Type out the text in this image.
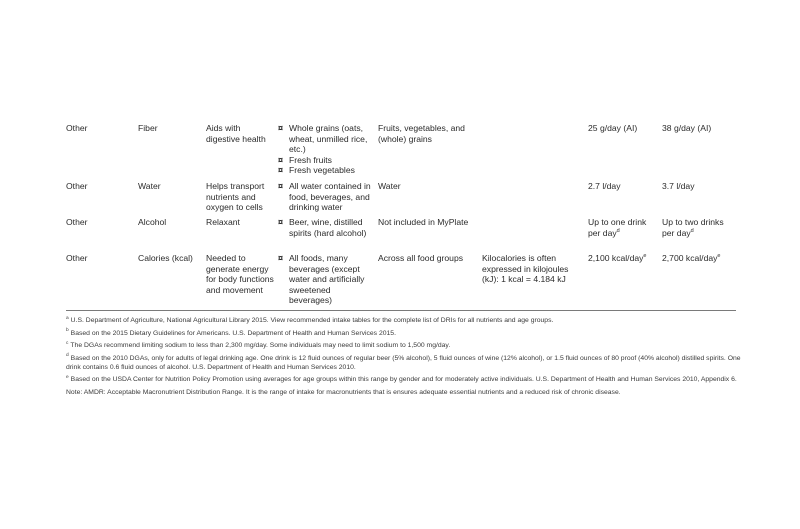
Other	Fiber	Aids with digestive health
¤ Whole grains (oats, wheat, unmilled rice, etc.)
¤ Fresh fruits
¤ Fresh vegetables
Fruits, vegetables, and (whole) grains
25 g/day (AI)	38 g/day (AI)
Other	Water	Helps transport nutrients and oxygen to cells
¤ All water contained in food, beverages, and drinking water
Water	2.7 l/day	3.7 l/day
Other	Alcohol	Relaxant
¤	Beer, wine, distilled spirits (hard alcohol)
Not included in MyPlate	Up to one drink per day$^d$
Up to two drinks per day$^d$
Other	Calories (kcal)	Needed to generate energy for body functions and movement
¤ All foods, many beverages (except water and artificially sweetened beverages)
Across all food groups	Kilocalories is often expressed in kilojoules (kJ): 1 kcal = 4.184 kJ
2,100 kcal/day$^e$	2,700 kcal/day$^e$
$^a$ U.S. Department of Agriculture, National Agricultural Library 2015. View recommended intake tables for the complete list of DRIs for all nutrients and age groups.
$^b$ Based on the 2015 Dietary Guidelines for Americans. U.S. Department of Health and Human Services 2015.
$^c$ The DGAs recommend limiting sodium to less than 2,300 mg/day. Some individuals may need to limit sodium to 1,500 mg/day.
$^d$ Based on the 2010 DGAs, only for adults of legal drinking age. One drink is 12 fluid ounces of regular beer (5% alcohol), 5 fluid ounces of wine (12% alcohol), or 1.5 fluid ounces of 80 proof (40% alcohol) distilled spirits. One drink contains 0.6 fluid ounces of alcohol. U.S. Department of Health and Human Services 2010.
$^e$ Based on the USDA Center for Nutrition Policy Promotion using averages for age groups within this range by gender and for moderately active individuals. U.S. Department of Health and Human Services 2010, Appendix 6.
Note: AMDR: Acceptable Macronutrient Distribution Range. It is the range of intake for macronutrients that is ensures adequate essential nutrients and a reduced risk of chronic disease.
